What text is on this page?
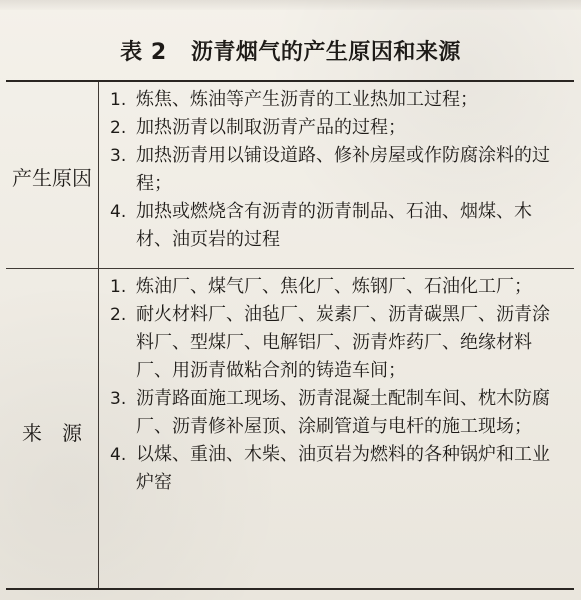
表 2 沥青烟气的产生原因和来源
产生原因
1. 炼焦、炼油等产生沥青的工业热加工过程；
2. 加热沥青以制取沥青产品的过程；
3. 加热沥青用以铺设道路、修补房屋或作防腐涂料的过程；
4. 加热或燃烧含有沥青的沥青制品、石油、烟煤、木材、油页岩的过程
来　源
1. 炼油厂、煤气厂、焦化厂、炼钢厂、石油化工厂；
2. 耐火材料厂、油毡厂、炭素厂、沥青碳黑厂、沥青涂料厂、型煤厂、电解铝厂、沥青炸药厂、绝缘材料厂、用沥青做粘合剂的铸造车间；
3. 沥青路面施工现场、沥青混凝土配制车间、枕木防腐厂、沥青修补屋顶、涂刷管道与电杆的施工现场；
4. 以煤、重油、木柴、油页岩为燃料的各种锅炉和工业炉窑
